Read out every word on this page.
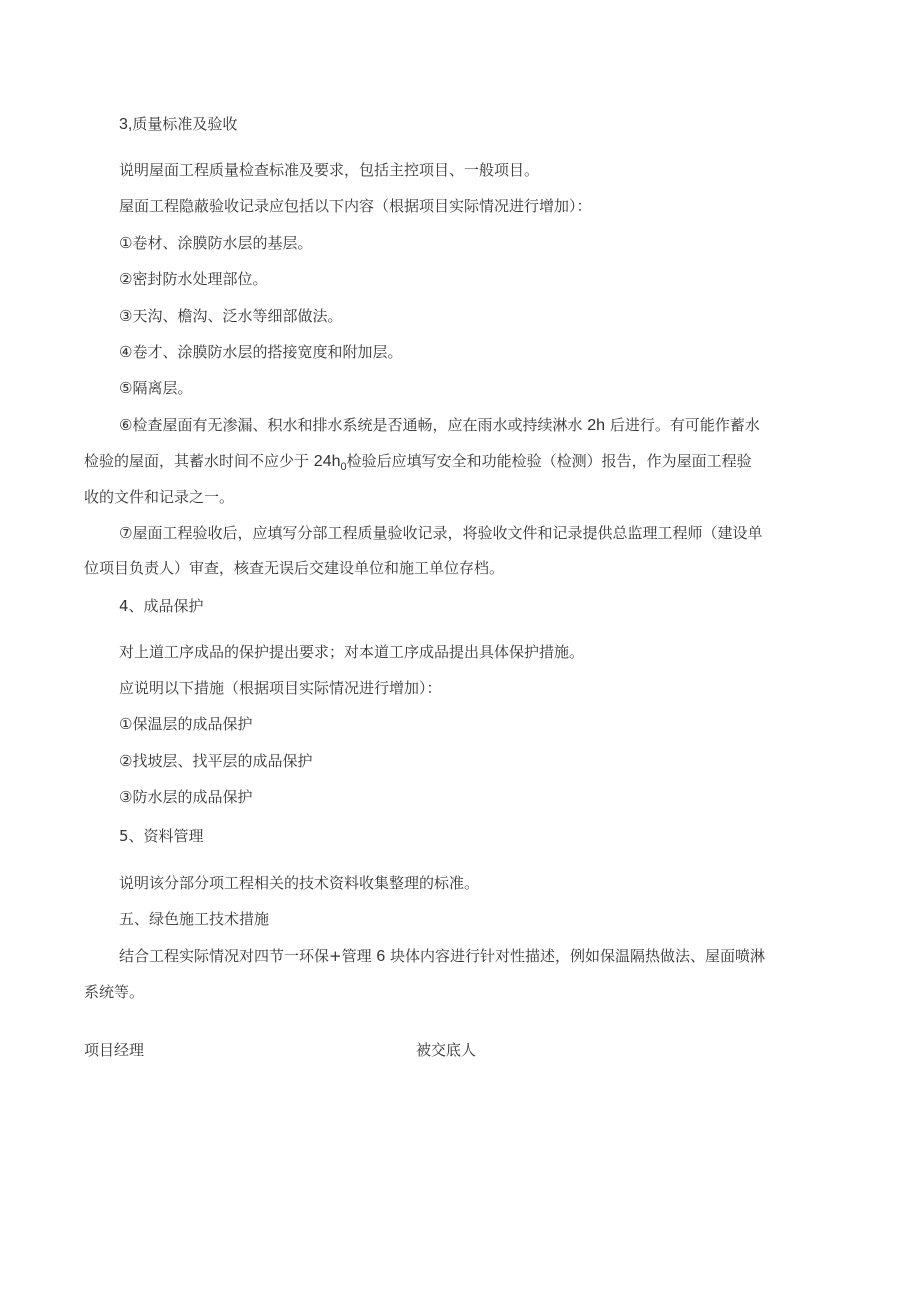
3,质量标准及验收

说明屋面工程质量检查标准及要求，包括主控项目、一般项目。

屋面工程隐蔽验收记录应包括以下内容（根据项目实际情况进行增加）：

①卷材、涂膜防水层的基层。

②密封防水处理部位。

③天沟、檐沟、泛水等细部做法。

④卷才、涂膜防水层的搭接宽度和附加层。

⑤隔离层。

⑥检查屋面有无渗漏、积水和排水系统是否通畅，应在雨水或持续淋水 2h 后进行。有可能作蓄水

检验的屋面，其蓄水时间不应少于 $24h_0$检验后应填写安全和功能检验（检测）报告，作为屋面工程验

收的文件和记录之一。

⑦屋面工程验收后，应填写分部工程质量验收记录，将验收文件和记录提供总监理工程师（建设单

位项目负责人）审查，核查无误后交建设单位和施工单位存档。

4、成品保护

对上道工序成品的保护提出要求；对本道工序成品提出具体保护措施。

应说明以下措施（根据项目实际情况进行增加）：

①保温层的成品保护

②找坡层、找平层的成品保护

③防水层的成品保护

5、资料管理

说明该分部分项工程相关的技术资料收集整理的标准。

五、绿色施工技术措施

结合工程实际情况对四节一环保+管理 6 块体内容进行针对性描述，例如保温隔热做法、屋面喷淋

系统等。

项目经理	被交底人
